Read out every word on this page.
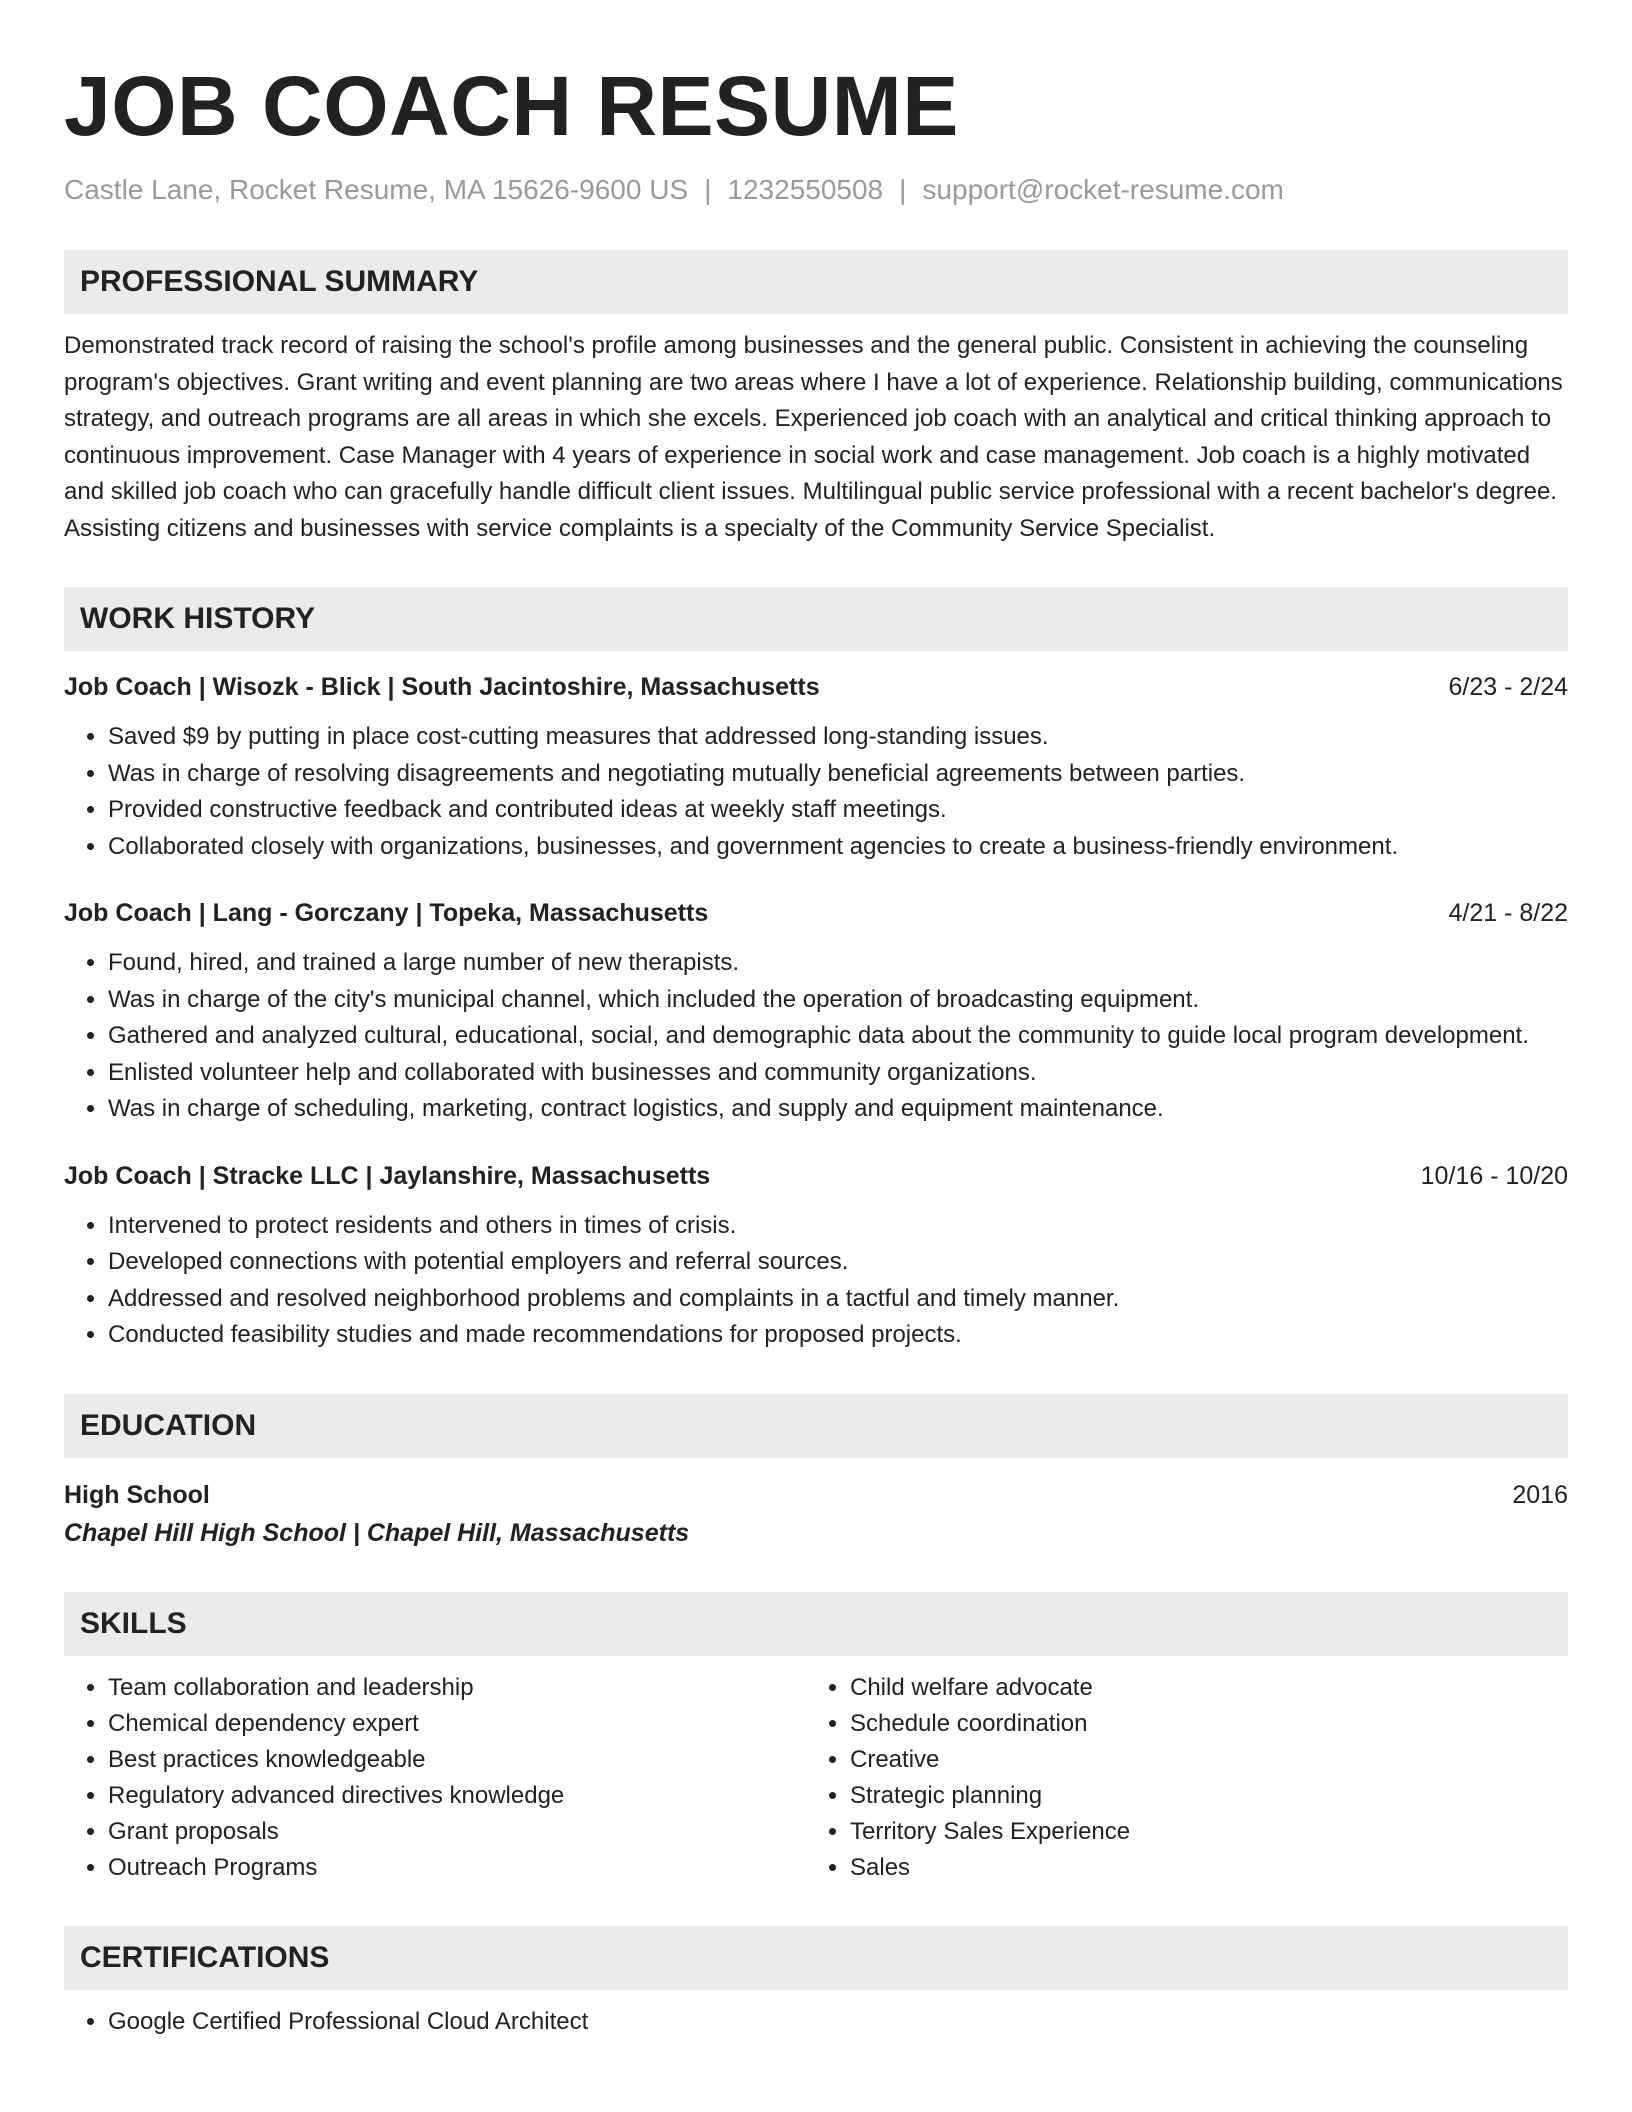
JOB COACH RESUME
Castle Lane, Rocket Resume, MA 15626-9600 US | 1232550508 | support@rocket-resume.com
PROFESSIONAL SUMMARY
Demonstrated track record of raising the school's profile among businesses and the general public. Consistent in achieving the counseling program's objectives. Grant writing and event planning are two areas where I have a lot of experience. Relationship building, communications strategy, and outreach programs are all areas in which she excels. Experienced job coach with an analytical and critical thinking approach to continuous improvement. Case Manager with 4 years of experience in social work and case management. Job coach is a highly motivated and skilled job coach who can gracefully handle difficult client issues. Multilingual public service professional with a recent bachelor's degree. Assisting citizens and businesses with service complaints is a specialty of the Community Service Specialist.
WORK HISTORY
Job Coach | Wisozk - Blick | South Jacintoshire, Massachusetts	6/23 - 2/24
• Saved $9 by putting in place cost-cutting measures that addressed long-standing issues.
• Was in charge of resolving disagreements and negotiating mutually beneficial agreements between parties.
• Provided constructive feedback and contributed ideas at weekly staff meetings.
• Collaborated closely with organizations, businesses, and government agencies to create a business-friendly environment.
Job Coach | Lang - Gorczany | Topeka, Massachusetts	4/21 - 8/22
• Found, hired, and trained a large number of new therapists.
• Was in charge of the city's municipal channel, which included the operation of broadcasting equipment.
• Gathered and analyzed cultural, educational, social, and demographic data about the community to guide local program development.
• Enlisted volunteer help and collaborated with businesses and community organizations.
• Was in charge of scheduling, marketing, contract logistics, and supply and equipment maintenance.
Job Coach | Stracke LLC | Jaylanshire, Massachusetts	10/16 - 10/20
• Intervened to protect residents and others in times of crisis.
• Developed connections with potential employers and referral sources.
• Addressed and resolved neighborhood problems and complaints in a tactful and timely manner.
• Conducted feasibility studies and made recommendations for proposed projects.
EDUCATION
High School	2016
Chapel Hill High School | Chapel Hill, Massachusetts
SKILLS
• Team collaboration and leadership
• Chemical dependency expert
• Best practices knowledgeable
• Regulatory advanced directives knowledge
• Grant proposals
• Outreach Programs
• Child welfare advocate
• Schedule coordination
• Creative
• Strategic planning
• Territory Sales Experience
• Sales
CERTIFICATIONS
• Google Certified Professional Cloud Architect
